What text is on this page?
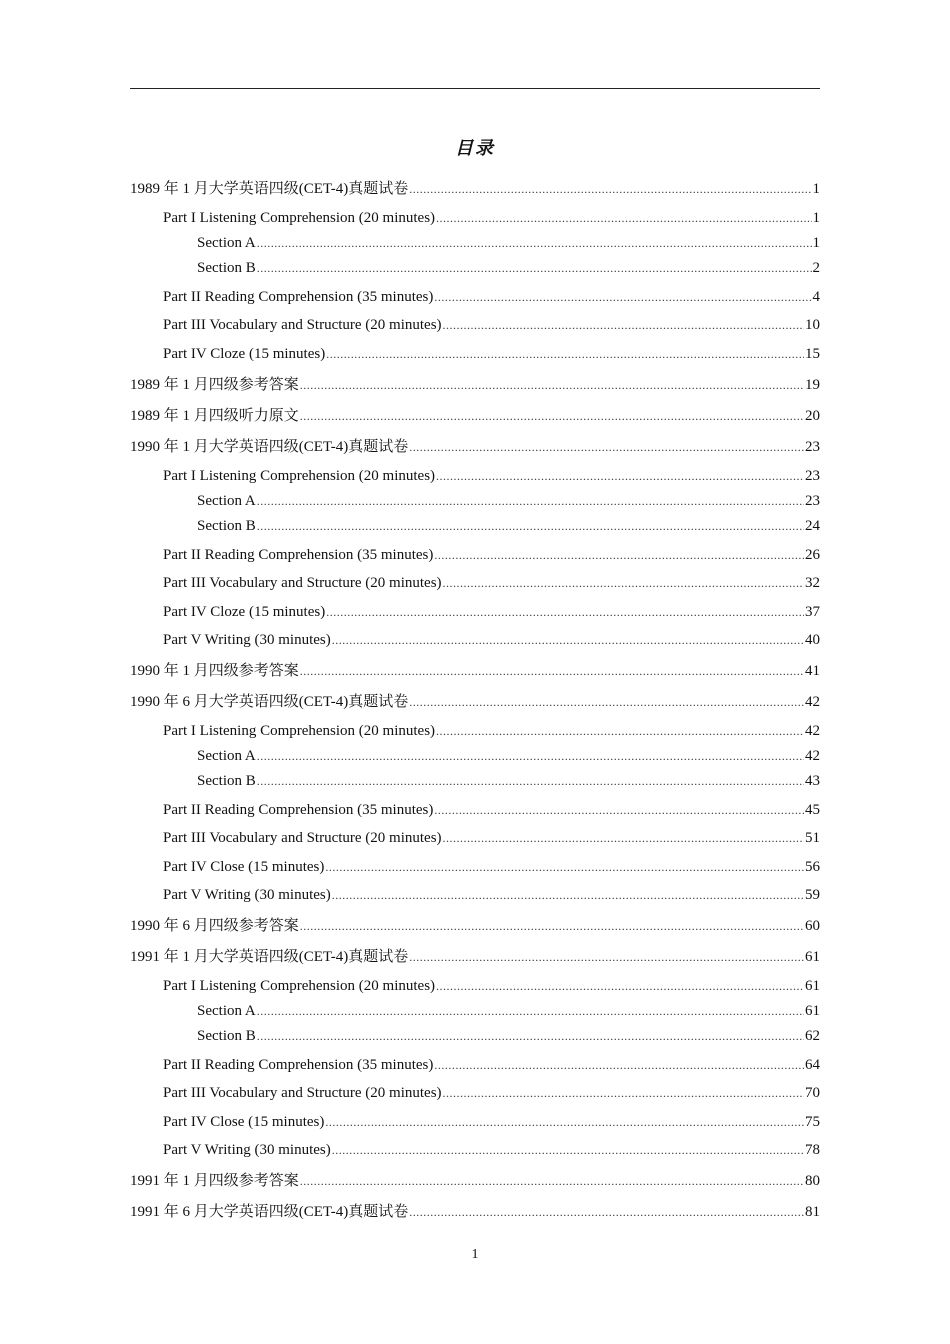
目录
1989 年 1 月大学英语四级(CET-4)真题试卷 .....	1
Part I Listening Comprehension (20 minutes) .....	1
Section A .....	1
Section B .....	2
Part II Reading Comprehension (35 minutes) .....	4
Part III Vocabulary and Structure (20 minutes) .....	10
Part IV Cloze (15 minutes) .....	15
1989 年 1 月四级参考答案 .....	19
1989 年 1 月四级听力原文 .....	20
1990 年 1 月大学英语四级(CET-4)真题试卷 .....	23
Part I Listening Comprehension (20 minutes) .....	23
Section A .....	23
Section B .....	24
Part II Reading Comprehension (35 minutes) .....	26
Part III Vocabulary and Structure (20 minutes) .....	32
Part IV Cloze (15 minutes) .....	37
Part V Writing (30 minutes) .....	40
1990 年 1 月四级参考答案 .....	41
1990 年 6 月大学英语四级(CET-4)真题试卷 .....	42
Part I Listening Comprehension (20 minutes) .....	42
Section A .....	42
Section B .....	43
Part II Reading Comprehension (35 minutes) .....	45
Part III Vocabulary and Structure (20 minutes) .....	51
Part IV Close (15 minutes) .....	56
Part V Writing (30 minutes) .....	59
1990 年 6 月四级参考答案 .....	60
1991 年 1 月大学英语四级(CET-4)真题试卷 .....	61
Part I Listening Comprehension (20 minutes) .....	61
Section A .....	61
Section B .....	62
Part II Reading Comprehension (35 minutes) .....	64
Part III Vocabulary and Structure (20 minutes) .....	70
Part IV Close (15 minutes) .....	75
Part V Writing (30 minutes) .....	78
1991 年 1 月四级参考答案 .....	80
1991 年 6 月大学英语四级(CET-4)真题试卷 .....	81
1
